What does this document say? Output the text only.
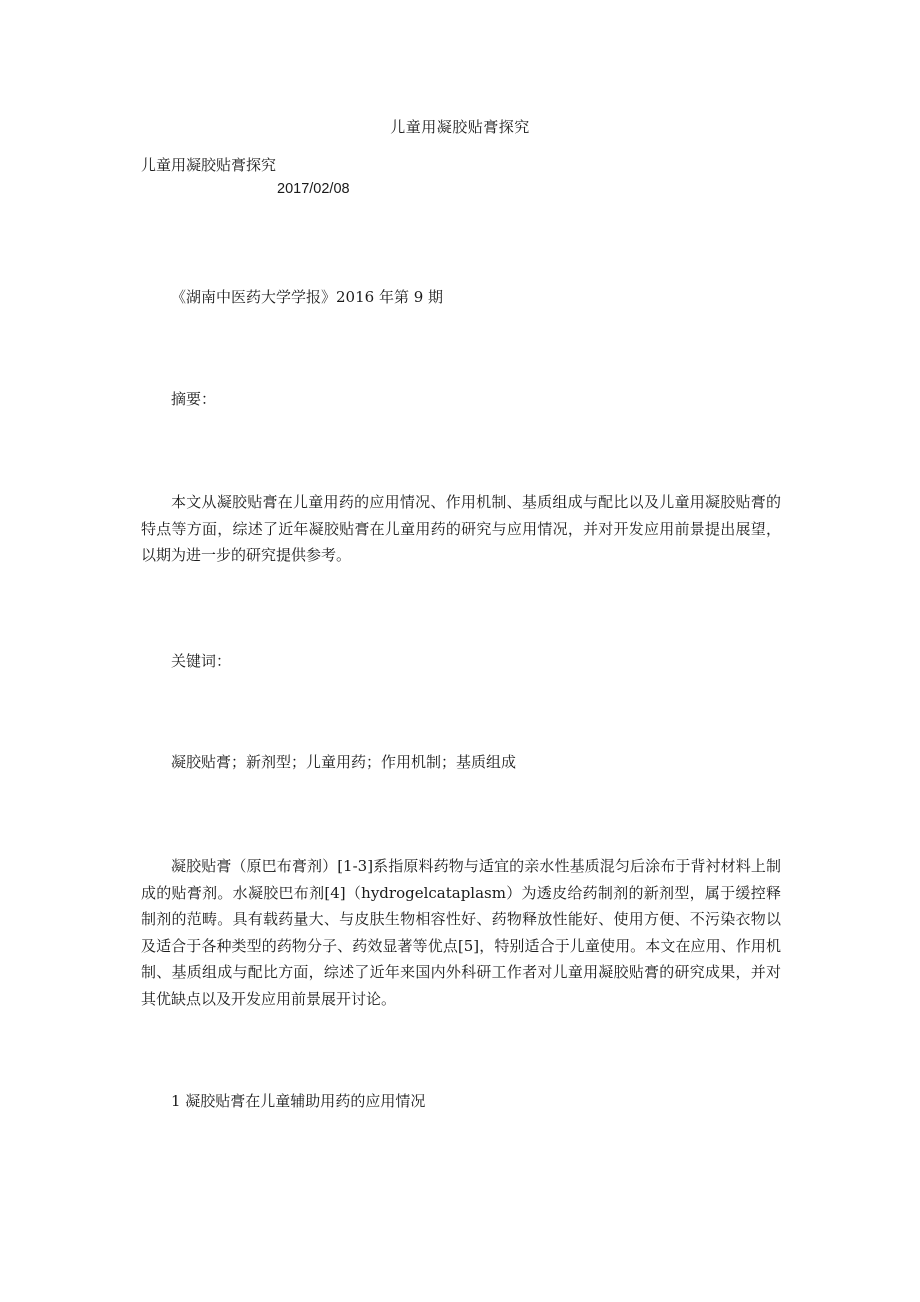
儿童用凝胶贴膏探究
儿童用凝胶贴膏探究
2017/02/08
《湖南中医药大学学报》2016 年第 9 期
摘要：
本文从凝胶贴膏在儿童用药的应用情况、作用机制、基质组成与配比以及儿童用凝胶贴膏的特点等方面，综述了近年凝胶贴膏在儿童用药的研究与应用情况，并对开发应用前景提出展望，以期为进一步的研究提供参考。
关键词：
凝胶贴膏；新剂型；儿童用药；作用机制；基质组成
凝胶贴膏（原巴布膏剂）[1-3]系指原料药物与适宜的亲水性基质混匀后涂布于背衬材料上制成的贴膏剂。水凝胶巴布剂[4]（hydrogelcataplasm）为透皮给药制剂的新剂型，属于缓控释制剂的范畴。具有载药量大、与皮肤生物相容性好、药物释放性能好、使用方便、不污染衣物以及适合于各种类型的药物分子、药效显著等优点[5]，特别适合于儿童使用。本文在应用、作用机制、基质组成与配比方面，综述了近年来国内外科研工作者对儿童用凝胶贴膏的研究成果，并对其优缺点以及开发应用前景展开讨论。
1 凝胶贴膏在儿童辅助用药的应用情况
